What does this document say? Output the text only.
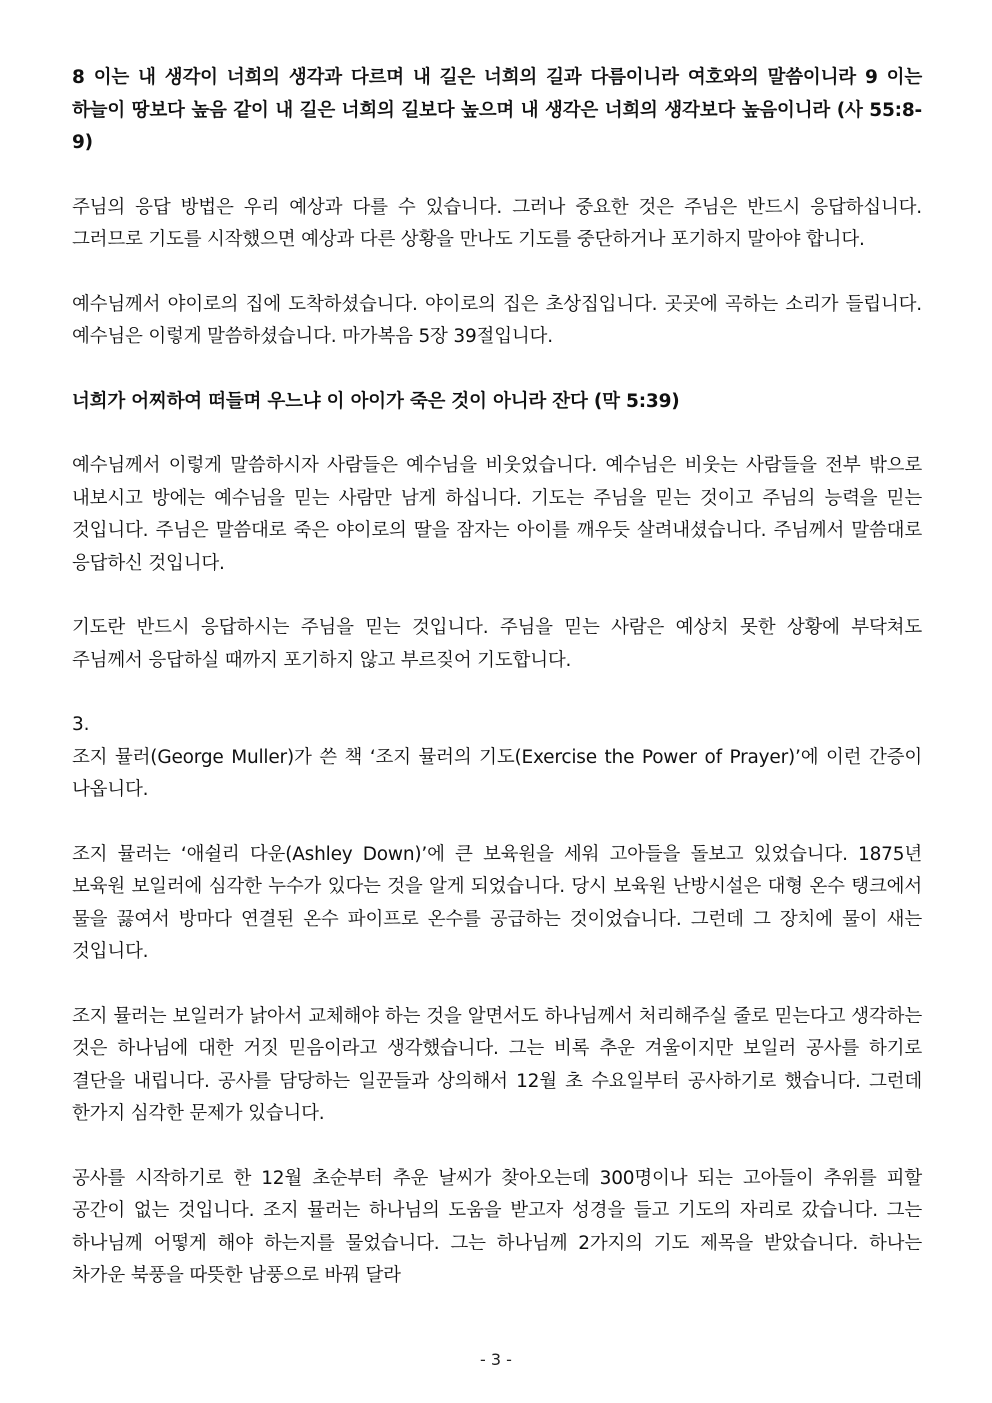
8 이는 내 생각이 너희의 생각과 다르며 내 길은 너희의 길과 다름이니라 여호와의 말씀이니라 9 이는 하늘이 땅보다 높음 같이 내 길은 너희의 길보다 높으며 내 생각은 너희의 생각보다 높음이니라 (사 55:8-9)

주님의 응답 방법은 우리 예상과 다를 수 있습니다. 그러나 중요한 것은 주님은 반드시 응답하십니다. 그러므로 기도를 시작했으면 예상과 다른 상황을 만나도 기도를 중단하거나 포기하지 말아야 합니다.

예수님께서 야이로의 집에 도착하셨습니다. 야이로의 집은 초상집입니다. 곳곳에 곡하는 소리가 들립니다. 예수님은 이렇게 말씀하셨습니다. 마가복음 5장 39절입니다.

너희가 어찌하여 떠들며 우느냐 이 아이가 죽은 것이 아니라 잔다 (막 5:39)

예수님께서 이렇게 말씀하시자 사람들은 예수님을 비웃었습니다. 예수님은 비웃는 사람들을 전부 밖으로 내보시고 방에는 예수님을 믿는 사람만 남게 하십니다. 기도는 주님을 믿는 것이고 주님의 능력을 믿는 것입니다. 주님은 말씀대로 죽은 야이로의 딸을 잠자는 아이를 깨우듯 살려내셨습니다. 주님께서 말씀대로 응답하신 것입니다.

기도란 반드시 응답하시는 주님을 믿는 것입니다. 주님을 믿는 사람은 예상치 못한 상황에 부닥쳐도 주님께서 응답하실 때까지 포기하지 않고 부르짖어 기도합니다.

3.
조지 뮬러(George Muller)가 쓴 책 ‘조지 뮬러의 기도(Exercise the Power of Prayer)’에 이런 간증이 나옵니다.

조지 뮬러는 ‘애쉴리 다운(Ashley Down)’에 큰 보육원을 세워 고아들을 돌보고 있었습니다. 1875년 보육원 보일러에 심각한 누수가 있다는 것을 알게 되었습니다. 당시 보육원 난방시설은 대형 온수 탱크에서 물을 끓여서 방마다 연결된 온수 파이프로 온수를 공급하는 것이었습니다. 그런데 그 장치에 물이 새는 것입니다.

조지 뮬러는 보일러가 낡아서 교체해야 하는 것을 알면서도 하나님께서 처리해주실 줄로 믿는다고 생각하는 것은 하나님에 대한 거짓 믿음이라고 생각했습니다. 그는 비록 추운 겨울이지만 보일러 공사를 하기로 결단을 내립니다. 공사를 담당하는 일꾼들과 상의해서 12월 초 수요일부터 공사하기로 했습니다. 그런데 한가지 심각한 문제가 있습니다.

공사를 시작하기로 한 12월 초순부터 추운 날씨가 찾아오는데 300명이나 되는 고아들이 추위를 피할 공간이 없는 것입니다. 조지 뮬러는 하나님의 도움을 받고자 성경을 들고 기도의 자리로 갔습니다. 그는 하나님께 어떻게 해야 하는지를 물었습니다. 그는 하나님께 2가지의 기도 제목을 받았습니다. 하나는 차가운 북풍을 따뜻한 남풍으로 바꿔 달라

- 3 -
